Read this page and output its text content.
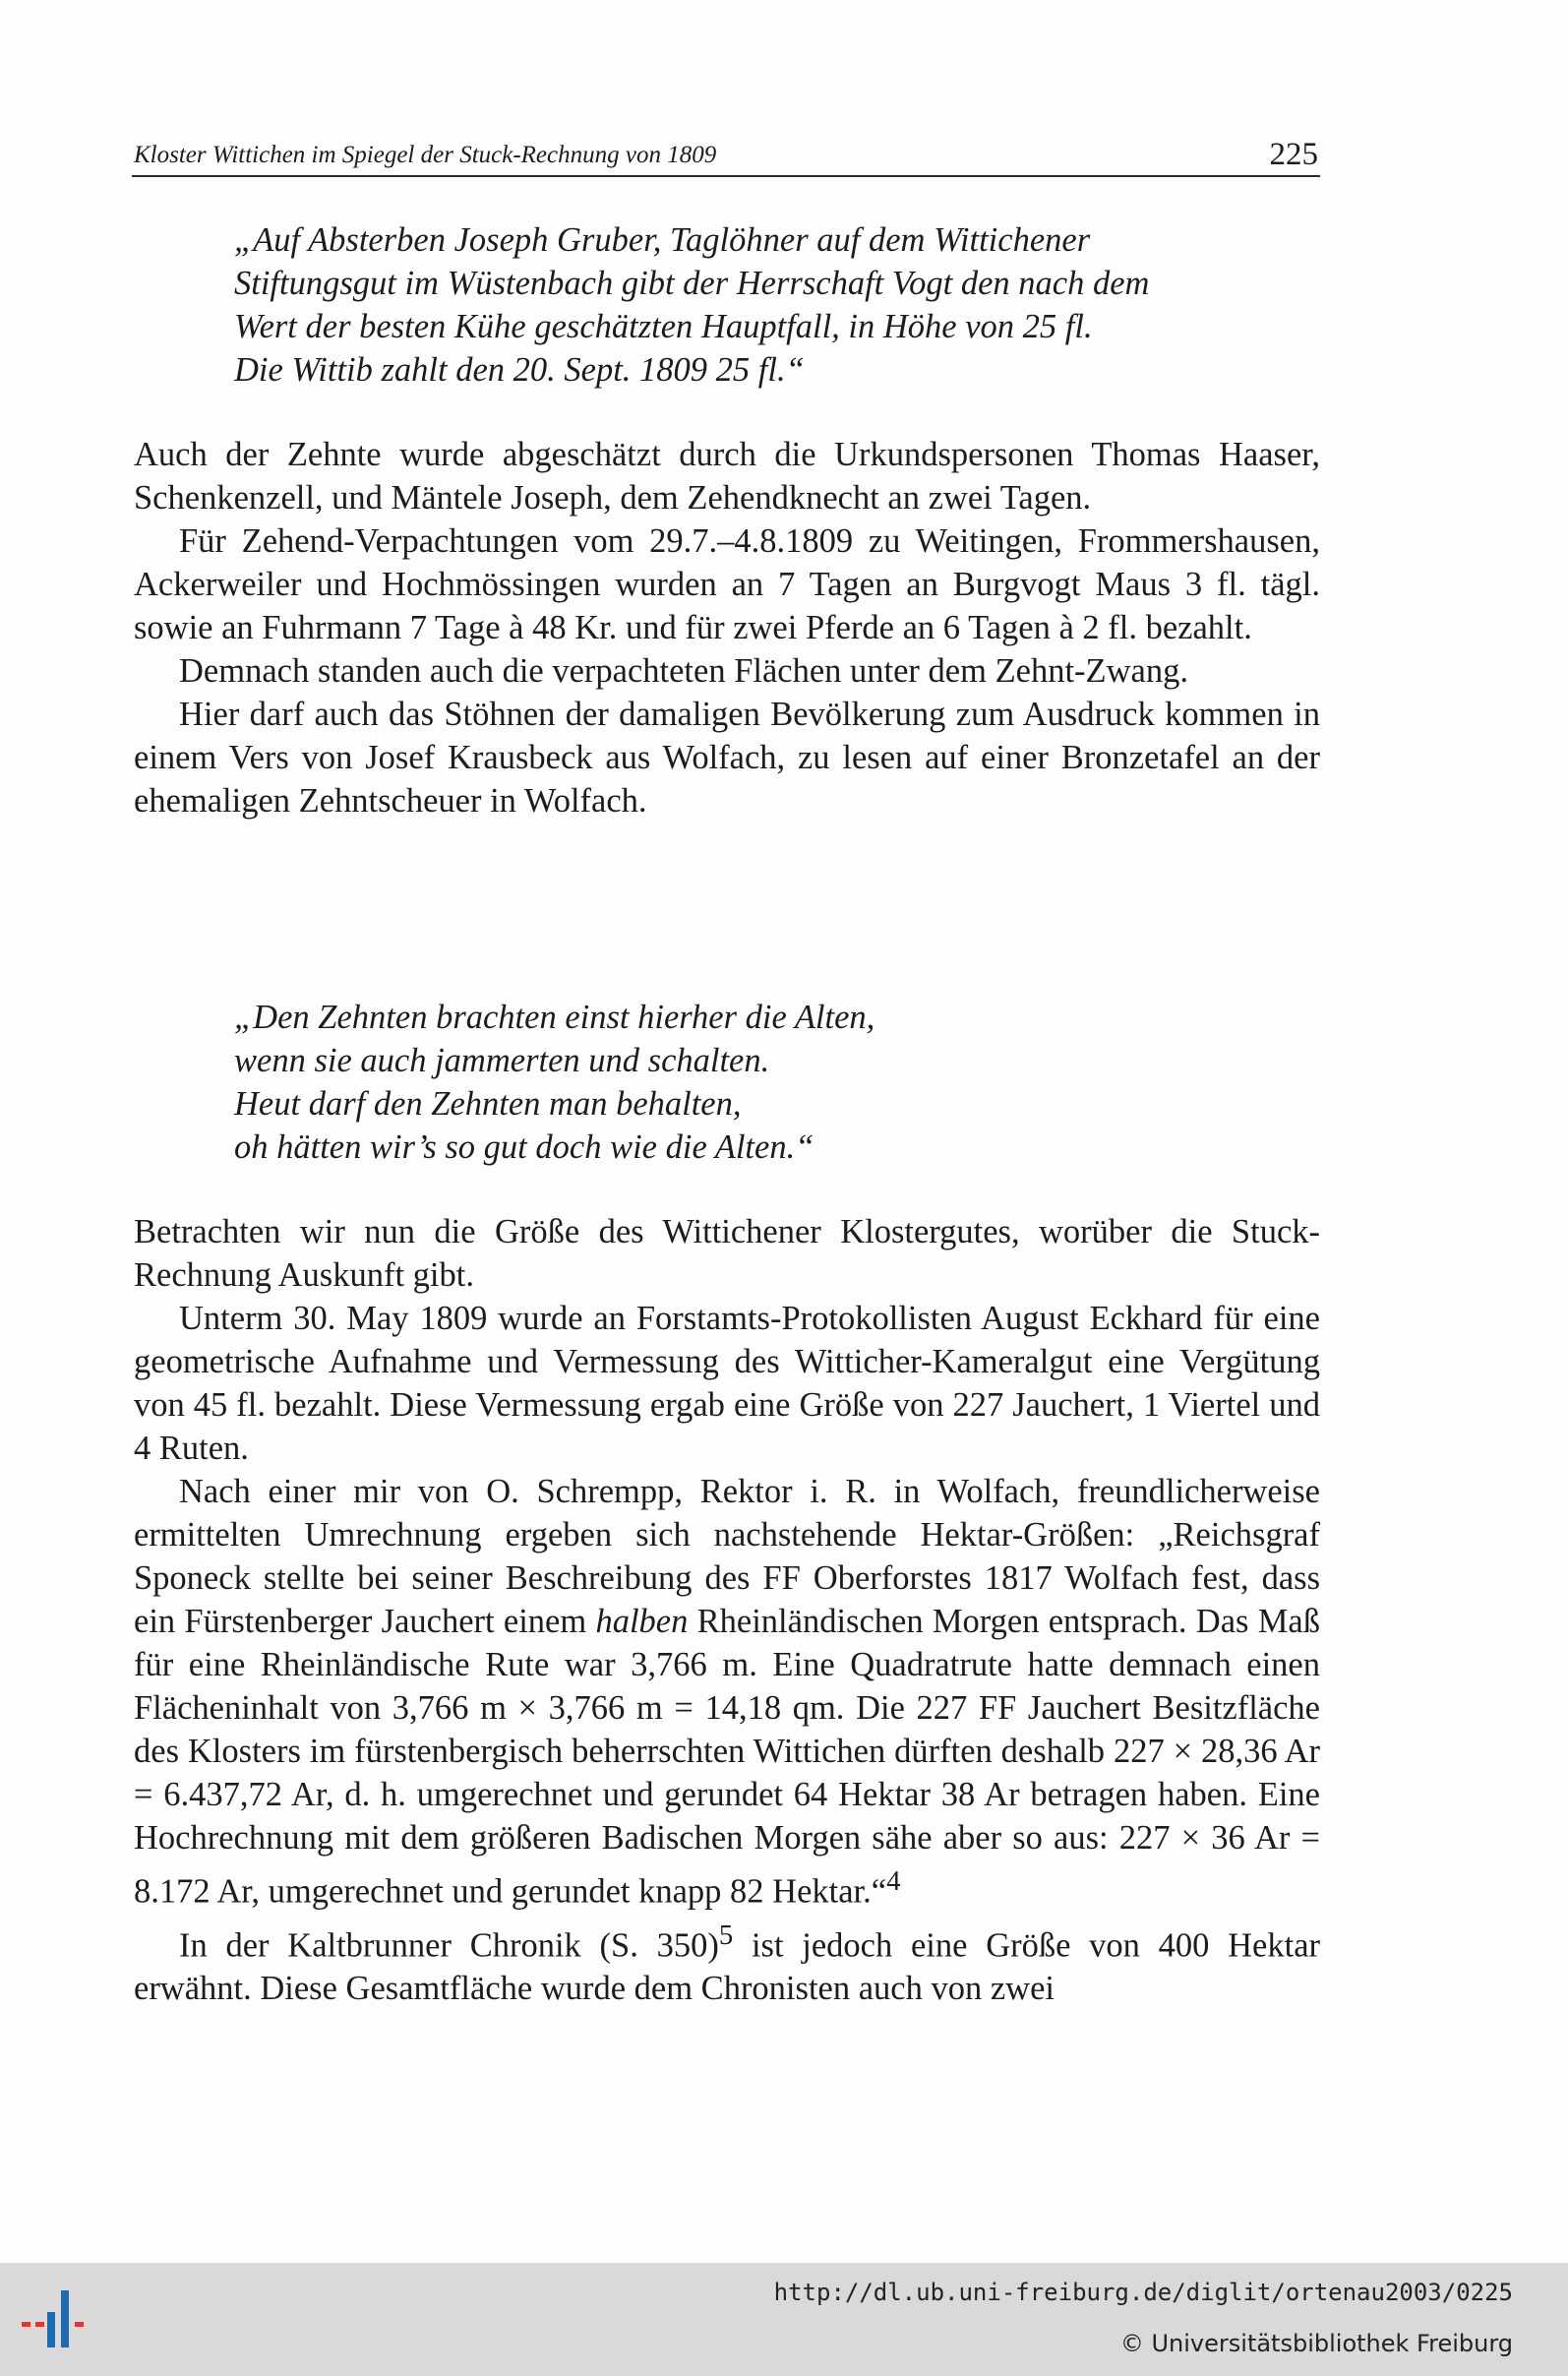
Kloster Wittichen im Spiegel der Stuck-Rechnung von 1809	225

„Auf Absterben Joseph Gruber, Taglöhner auf dem Wittichener

Stiftungsgut im Wüstenbach gibt der Herrschaft Vogt den nach dem

Wert der besten Kühe geschätzten Hauptfall, in Höhe von 25 fl.

Die Wittib zahlt den 20. Sept. 1809 25 fl.“

Auch der Zehnte wurde abgeschätzt durch die Urkundspersonen Thomas Haaser, Schenkenzell, und Mäntele Joseph, dem Zehendknecht an zwei Tagen.

Für Zehend-Verpachtungen vom 29.7.–4.8.1809 zu Weitingen, Frommershausen, Ackerweiler und Hochmössingen wurden an 7 Tagen an Burgvogt Maus 3 fl. tägl. sowie an Fuhrmann 7 Tage à 48 Kr. und für zwei Pferde an 6 Tagen à 2 fl. bezahlt.

Demnach standen auch die verpachteten Flächen unter dem Zehnt-Zwang.

Hier darf auch das Stöhnen der damaligen Bevölkerung zum Ausdruck kommen in einem Vers von Josef Krausbeck aus Wolfach, zu lesen auf einer Bronzetafel an der ehemaligen Zehntscheuer in Wolfach.

„Den Zehnten brachten einst hierher die Alten,

wenn sie auch jammerten und schalten.

Heut darf den Zehnten man behalten,

oh hätten wir’s so gut doch wie die Alten.“

Betrachten wir nun die Größe des Wittichener Klostergutes, worüber die Stuck-Rechnung Auskunft gibt.

Unterm 30. May 1809 wurde an Forstamts-Protokollisten August Eckhard für eine geometrische Aufnahme und Vermessung des Witticher-Kameralgut eine Vergütung von 45 fl. bezahlt. Diese Vermessung ergab eine Größe von 227 Jauchert, 1 Viertel und 4 Ruten.

Nach einer mir von O. Schrempp, Rektor i. R. in Wolfach, freundlicherweise ermittelten Umrechnung ergeben sich nachstehende Hektar-Größen: „Reichsgraf Sponeck stellte bei seiner Beschreibung des FF Oberforstes 1817 Wolfach fest, dass ein Fürstenberger Jauchert einem halben Rheinländischen Morgen entsprach. Das Maß für eine Rheinländische Rute war 3,766 m. Eine Quadratrute hatte demnach einen Flächeninhalt von 3,766 m × 3,766 m = 14,18 qm. Die 227 FF Jauchert Besitzfläche des Klosters im fürstenbergisch beherrschten Wittichen dürften deshalb 227 × 28,36 Ar = 6.437,72 Ar, d. h. umgerechnet und gerundet 64 Hektar 38 Ar betragen haben. Eine Hochrechnung mit dem größeren Badischen Morgen sähe aber so aus: 227 × 36 Ar = 8.172 Ar, umgerechnet und gerundet knapp 82 Hektar.“$^4$

In der Kaltbrunner Chronik (S. 350)$^5$ ist jedoch eine Größe von 400 Hektar erwähnt. Diese Gesamtfläche wurde dem Chronisten auch von zwei

http://dl.ub.uni-freiburg.de/diglit/ortenau2003/0225
© Universitätsbibliothek Freiburg
